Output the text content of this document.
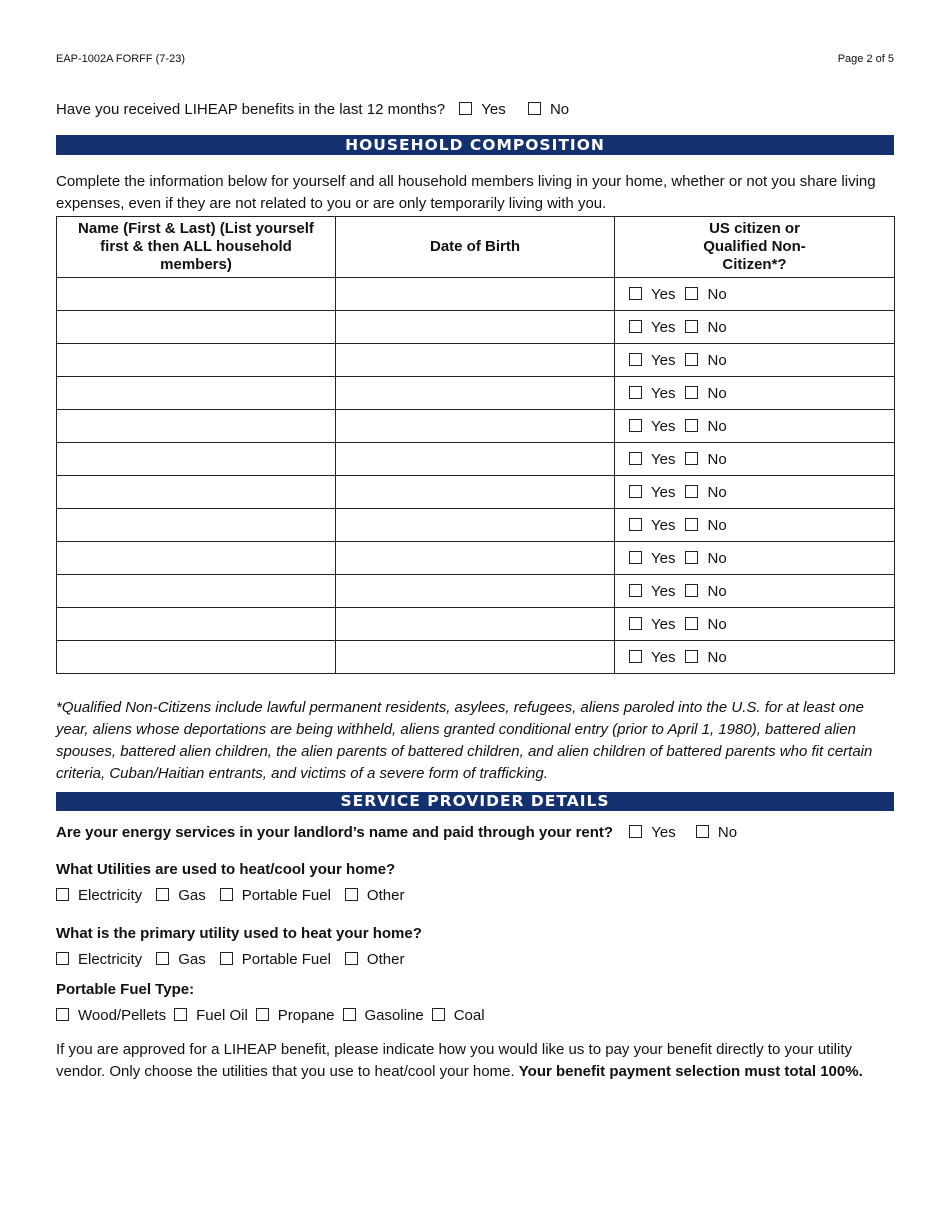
EAP-1002A FORFF (7-23)	Page 2 of 5
Have you received LIHEAP benefits in the last 12 months? Yes	No
HOUSEHOLD COMPOSITION
Complete the information below for yourself and all household members living in your home, whether or not you share living expenses, even if they are not related to you or are only temporarily living with you.
Name (First & Last) (List yourself first & then ALL household members)	Date of Birth	US citizen or Qualified Non-Citizen*?
		Yes No
		Yes No
		Yes No
		Yes No
		Yes No
		Yes No
		Yes No
		Yes No
		Yes No
		Yes No
		Yes No
		Yes No
*Qualified Non-Citizens include lawful permanent residents, asylees, refugees, aliens paroled into the U.S. for at least one year, aliens whose deportations are being withheld, aliens granted conditional entry (prior to April 1, 1980), battered alien spouses, battered alien children, the alien parents of battered children, and alien children of battered parents who fit certain criteria, Cuban/Haitian entrants, and victims of a severe form of trafficking.
SERVICE PROVIDER DETAILS
Are your energy services in your landlord’s name and paid through your rent?	Yes	No
What Utilities are used to heat/cool your home?
Electricity Gas Portable Fuel Other
What is the primary utility used to heat your home?
Electricity Gas Portable Fuel Other
Portable Fuel Type:
Wood/Pellets Fuel Oil Propane Gasoline Coal
If you are approved for a LIHEAP benefit, please indicate how you would like us to pay your benefit directly to your utility vendor. Only choose the utilities that you use to heat/cool your home. Your benefit payment selection must total 100%.
